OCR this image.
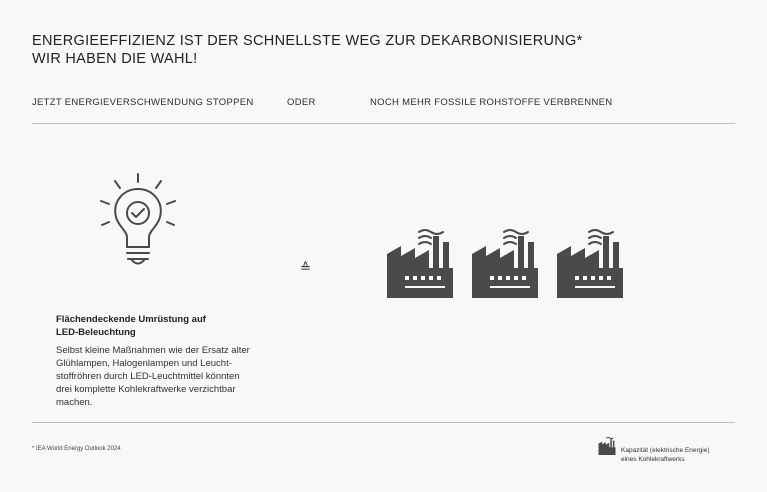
ENERGIEEFFIZIENZ IST DER SCHNELLSTE WEG ZUR DEKARBONISIERUNG*
WIR HABEN DIE WAHL!
JETZT ENERGIEVERSCHWENDUNG STOPPEN	ODER	NOCH MEHR FOSSILE ROHSTOFFE VERBRENNEN
≙
Flächendeckende Umrüstung auf
LED-Beleuchtung
Selbst kleine Maßnahmen wie der Ersatz alter
Glühlampen, Halogenlampen und Leucht-
stoffröhren durch LED-Leuchtmittel könnten
drei komplette Kohlekraftwerke verzichtbar
machen.
* IEA World Energy Outlook 2024	Kapazität (elektrische Energie)
eines Kohlekraftwerks
